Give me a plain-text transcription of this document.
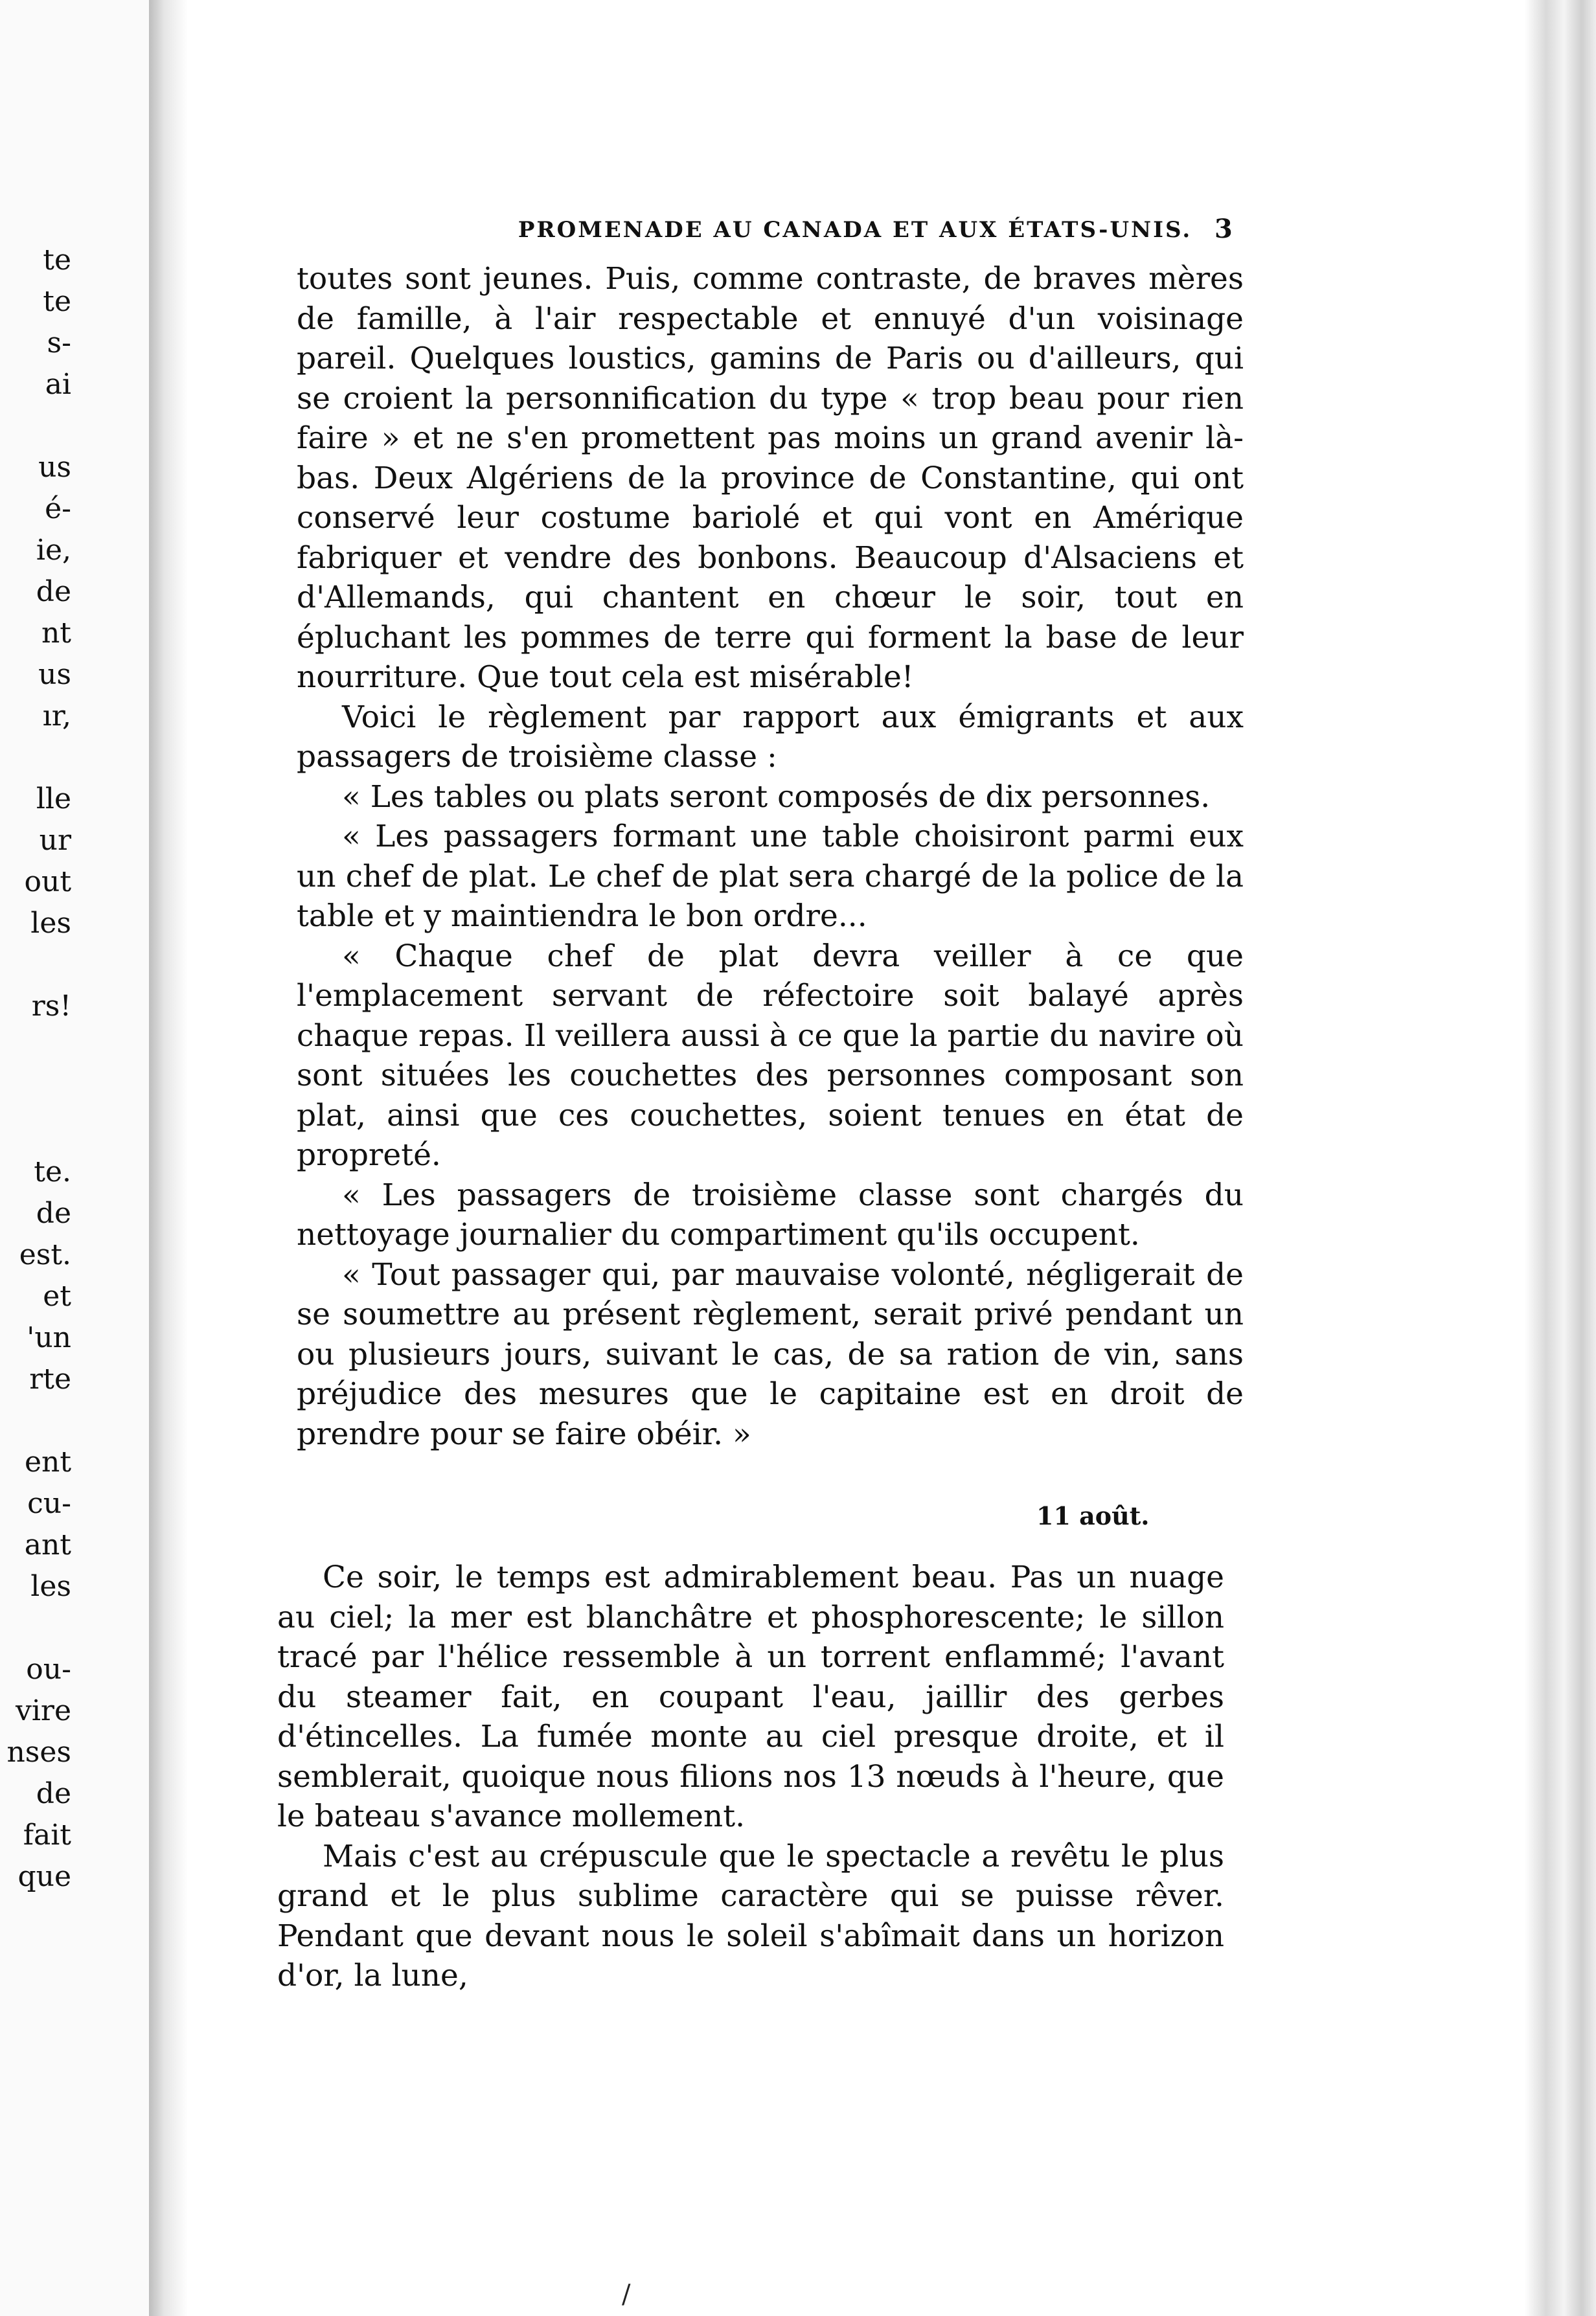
te
te
s-
ai
us
é-
ie,
de
nt
us
ır,
lle
ur
out
les
rs!
te.
de
est.
et
'un
rte
ent
cu-
ant
les
ou-
vire
nses
de
fait
que
PROMENADE AU CANADA ET AUX ÉTATS-UNIS. 3

toutes sont jeunes. Puis, comme contraste, de braves mères de famille, à l'air respectable et ennuyé d'un voisinage pareil. Quelques loustics, gamins de Paris ou d'ailleurs, qui se croient la personnification du type « trop beau pour rien faire » et ne s'en promettent pas moins un grand avenir là-bas. Deux Algériens de la province de Constantine, qui ont conservé leur costume bariolé et qui vont en Amérique fabriquer et vendre des bonbons. Beaucoup d'Alsaciens et d'Allemands, qui chantent en chœur le soir, tout en épluchant les pommes de terre qui forment la base de leur nourriture. Que tout cela est misérable!

Voici le règlement par rapport aux émigrants et aux passagers de troisième classe :

« Les tables ou plats seront composés de dix personnes.

« Les passagers formant une table choisiront parmi eux un chef de plat. Le chef de plat sera chargé de la police de la table et y maintiendra le bon ordre...

« Chaque chef de plat devra veiller à ce que l'emplacement servant de réfectoire soit balayé après chaque repas. Il veillera aussi à ce que la partie du navire où sont situées les couchettes des personnes composant son plat, ainsi que ces couchettes, soient tenues en état de propreté.

« Les passagers de troisième classe sont chargés du nettoyage journalier du compartiment qu'ils occupent.

« Tout passager qui, par mauvaise volonté, négligerait de se soumettre au présent règlement, serait privé pendant un ou plusieurs jours, suivant le cas, de sa ration de vin, sans préjudice des mesures que le capitaine est en droit de prendre pour se faire obéir. »

11 août.

Ce soir, le temps est admirablement beau. Pas un nuage au ciel; la mer est blanchâtre et phosphorescente; le sillon tracé par l'hélice ressemble à un torrent enflammé; l'avant du steamer fait, en coupant l'eau, jaillir des gerbes d'étincelles. La fumée monte au ciel presque droite, et il semblerait, quoique nous filions nos 13 nœuds à l'heure, que le bateau s'avance mollement.

Mais c'est au crépuscule que le spectacle a revêtu le plus grand et le plus sublime caractère qui se puisse rêver. Pendant que devant nous le soleil s'abîmait dans un horizon d'or, la lune,

/
